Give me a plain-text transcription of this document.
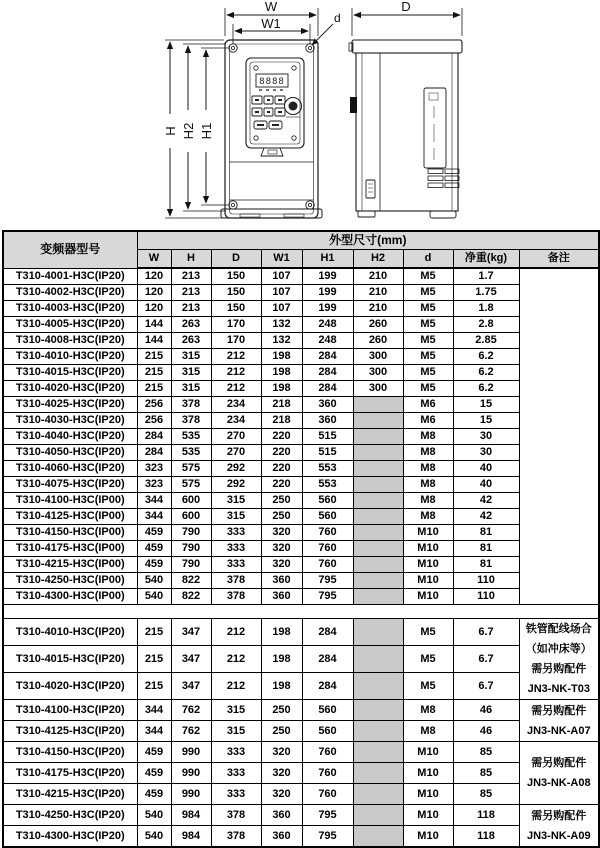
W
W1	d
H H2 H1
8888
D
变频器型号	外型尺寸(mm)								
	W	H	D	W1	H1	H2	d	净重(kg)	备注
T310-4001-H3C(IP20)	120	213	150	107	199	210	M5	1.7	
T310-4002-H3C(IP20)	120	213	150	107	199	210	M5	1.75	
T310-4003-H3C(IP20)	120	213	150	107	199	210	M5	1.8	
T310-4005-H3C(IP20)	144	263	170	132	248	260	M5	2.8	
T310-4008-H3C(IP20)	144	263	170	132	248	260	M5	2.85	
T310-4010-H3C(IP20)	215	315	212	198	284	300	M5	6.2	
T310-4015-H3C(IP20)	215	315	212	198	284	300	M5	6.2	
T310-4020-H3C(IP20)	215	315	212	198	284	300	M5	6.2	
T310-4025-H3C(IP20)	256	378	234	218	360		M6	15	
T310-4030-H3C(IP20)	256	378	234	218	360		M6	15	
T310-4040-H3C(IP20)	284	535	270	220	515		M8	30	
T310-4050-H3C(IP20)	284	535	270	220	515		M8	30	
T310-4060-H3C(IP20)	323	575	292	220	553		M8	40	
T310-4075-H3C(IP20)	323	575	292	220	553		M8	40	
T310-4100-H3C(IP00)	344	600	315	250	560		M8	42	
T310-4125-H3C(IP00)	344	600	315	250	560		M8	42	
T310-4150-H3C(IP00)	459	790	333	320	760		M10	81	
T310-4175-H3C(IP00)	459	790	333	320	760		M10	81	
T310-4215-H3C(IP00)	459	790	333	320	760		M10	81	
T310-4250-H3C(IP00)	540	822	378	360	795		M10	110	
T310-4300-H3C(IP00)	540	822	378	360	795		M10	110	

T310-4010-H3C(IP20)	215	347	212	198	284		M5	6.7	铁管配线场合
（如冲床等）
需另购配件
JN3-NK-T03
T310-4015-H3C(IP20)	215	347	212	198	284		M5	6.7	
T310-4020-H3C(IP20)	215	347	212	198	284		M5	6.7	
T310-4100-H3C(IP20)	344	762	315	250	560		M8	46	需另购配件
JN3-NK-A07
T310-4125-H3C(IP20)	344	762	315	250	560		M8	46	
T310-4150-H3C(IP20)	459	990	333	320	760		M10	85	需另购配件
JN3-NK-A08
T310-4175-H3C(IP20)	459	990	333	320	760		M10	85	
T310-4215-H3C(IP20)	459	990	333	320	760		M10	85	
T310-4250-H3C(IP20)	540	984	378	360	795		M10	118	需另购配件
JN3-NK-A09
T310-4300-H3C(IP20)	540	984	378	360	795		M10	118	
